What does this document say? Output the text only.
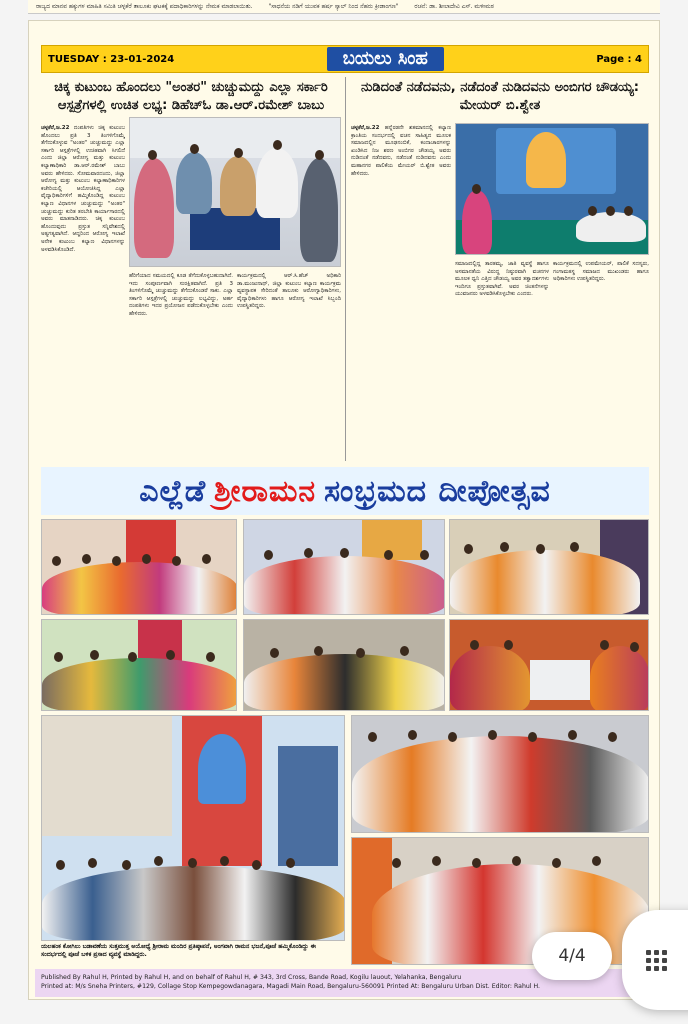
ರಾಜ್ಯದ ಮಾನವ ಹಕ್ಕುಗಳ ಮಾಹಿತಿ ಸಮಿತಿ ಚಳ್ಳಕೆರೆ ತಾಲೂಕು ಘಟಕಕ್ಕೆ ಪದಾಧಿಕಾರಿಗಳನ್ನು ನೇಮಕ ಮಾಡಲಾಯಿತು.	"ಸಾಧನೆಯ ನಡಿಗೆ ಯುವಕ ಹರ್ಷ ಸ್ಕಾಲ್ ನಿಂದ ನೆಹರು ಕ್ರೀಡಾಂಗಣ"	ರಚನೆ: ಡಾ. ಶೀಲಾದೇವಿ ಎಸ್. ಮಳೀಮಠ
TUESDAY : 23-01-2024	ಬಯಲು ಸಿಂಹ	Page : 4
ಚಿಕ್ಕ ಕುಟುಂಬ ಹೊಂದಲು "ಅಂತರ" ಚುಚ್ಚುಮದ್ದು ಎಲ್ಲಾ ಸರ್ಕಾರಿ ಆಸ್ಪತ್ರೆಗಳಲ್ಲಿ ಉಚಿತ ಲಭ್ಯ: ಡಿಹೆಚ್ಓ ಡಾ.ಆರ್.ರಮೇಶ್ ಬಾಬು
ಚಳ್ಳಕೆರೆ,ಜ.22 ದಂಪತಿಗಳು ಚಿಕ್ಕ ಕುಟುಂಬ ಹೊಂದಲು ಪ್ರತಿ 3 ತಿಂಗಳಿಗೊಮ್ಮೆ ತೆಗೆದುಕೊಳ್ಳುವ "ಅಂತರ" ಚುಚ್ಚುಮದ್ದು ಎಲ್ಲಾ ಸರ್ಕಾರಿ ಆಸ್ಪತ್ರೆಗಳಲ್ಲಿ ಉಚಿತವಾಗಿ ಸಿಗಲಿದೆ ಎಂದು ಜಿಲ್ಲಾ ಆರೋಗ್ಯ ಮತ್ತು ಕುಟುಂಬ ಕಲ್ಯಾಣಾಧಿಕಾರಿ ಡಾ.ಆರ್.ರಮೇಶ್ ಬಾಬು ಅವರು ಹೇಳಿದರು. ಸೋಮವಾರದಂದು, ಜಿಲ್ಲಾ ಆರೋಗ್ಯ ಮತ್ತು ಕುಟುಂಬ ಕಲ್ಯಾಣಾಧಿಕಾರಿಗಳ ಕಚೇರಿಯಲ್ಲಿ ಆಯೋಜಿಸಿದ್ದ ಎಲ್ಲಾ ವೈದ್ಯಾಧಿಕಾರಿಗಳಿಗೆ ಹಮ್ಮಿಕೊಂಡಿದ್ದ ಕುಟುಂಬ ಕಲ್ಯಾಣ ವಿಧಾನಗಳ ಚುಚ್ಚುಮದ್ದು "ಅಂತರ" ಚುಚ್ಚುಮದ್ದು ಕುರಿತ ತರಬೇತಿ ಕಾರ್ಯಾಗಾರದಲ್ಲಿ ಅವರು ಮಾತನಾಡಿದರು. ಚಿಕ್ಕ ಕುಟುಂಬ ಹೊಂದುವುದು ಪ್ರಸ್ತುತ ಸನ್ನಿವೇಶದಲ್ಲಿ ಅತ್ಯಗತ್ಯವಾಗಿದೆ. ಆದ್ದರಿಂದ ಆರೋಗ್ಯ ಇಲಾಖೆ ಅನೇಕ ಕುಟುಂಬ ಕಲ್ಯಾಣ ವಿಧಾನಗಳನ್ನು ಅಳವಡಿಸಿಕೊಂಡಿದೆ.
ಹೆರಿಗೆಯಾದ ಸಮಯದಲ್ಲಿ ಕೂಡ ತೆಗೆದುಕೊಳ್ಳಬಹುದಾಗಿದೆ. ಇದು ಸಂಪೂರ್ಣವಾಗಿ ಸುರಕ್ಷಿತವಾಗಿದೆ. ಪ್ರತಿ 3 ತಿಂಗಳಿಗೊಮ್ಮೆ ಚುಚ್ಚುಮದ್ದು ತೆಗೆದುಕೊಂಡರೆ ಸಾಕು. ಎಲ್ಲಾ ಸರ್ಕಾರಿ ಆಸ್ಪತ್ರೆಗಳಲ್ಲಿ ಚುಚ್ಚುಮದ್ದು ಲಭ್ಯವಿದ್ದು, ಅರ್ಹ ದಂಪತಿಗಳು ಇದರ ಪ್ರಯೋಜನ ಪಡೆದುಕೊಳ್ಳಬೇಕು ಎಂದು ಹೇಳಿದರು.
ಕಾರ್ಯಕ್ರಮದಲ್ಲಿ ಆರ್.ಸಿ.ಹೆಚ್ ಅಧಿಕಾರಿ ಡಾ.ಮಂಜುನಾಥ್, ಜಿಲ್ಲಾ ಕುಟುಂಬ ಕಲ್ಯಾಣ ಕಾರ್ಯಕ್ರಮ ವ್ಯವಸ್ಥಾಪಕ ಸೇರಿದಂತೆ ತಾಲೂಕು ಆರೋಗ್ಯಾಧಿಕಾರಿಗಳು, ವೈದ್ಯಾಧಿಕಾರಿಗಳು ಹಾಗೂ ಆರೋಗ್ಯ ಇಲಾಖೆ ಸಿಬ್ಬಂದಿ ಉಪಸ್ಥಿತರಿದ್ದರು.
ನುಡಿದಂತೆ ನಡೆದವನು, ನಡೆದಂತೆ ನುಡಿದವನು ಅಂಬಿಗರ ಚೌಡಯ್ಯ: ಮೇಯರ್ ಬಿ.ಶ್ವೇತ
ಚಳ್ಳಕೆರೆ,ಜ.22 ಹನ್ನೆರಡನೇ ಶತಮಾನದಲ್ಲಿ ಕಲ್ಯಾಣ ಕ್ರಾಂತಿಯ ಸಂದರ್ಭದಲ್ಲಿ ವಚನ ಸಾಹಿತ್ಯದ ಮೂಲಕ ಸಮಾಜದಲ್ಲಿನ ಮೂಢನಂಬಿಕೆ, ಕಂದಾಚಾರಗಳನ್ನು ಖಂಡಿಸಿದ ನಿಜ ಶರಣ ಅಂಬಿಗರ ಚೌಡಯ್ಯ ಅವರು ನುಡಿದಂತೆ ನಡೆದವನು, ನಡೆದಂತೆ ನುಡಿದವನು ಎಂದು ಮಹಾನಗರ ಪಾಲಿಕೆಯ ಮೇಯರ್ ಬಿ.ಶ್ವೇತ ಅವರು ಹೇಳಿದರು.
ಸಮಾಜದಲ್ಲಿದ್ದ ತಾರತಮ್ಯ, ಜಾತಿ ವ್ಯವಸ್ಥೆ ಹಾಗೂ ಅಸಮಾನತೆಯ ವಿರುದ್ಧ ನಿಷ್ಠುರವಾಗಿ ವಚನಗಳ ಮೂಲಕ ಧ್ವನಿ ಎತ್ತಿದ ಚೌಡಯ್ಯ ಅವರ ತತ್ವಾದರ್ಶಗಳು ಇಂದಿಗೂ ಪ್ರಸ್ತುತವಾಗಿವೆ. ಅವರ ಚಿಂತನೆಗಳನ್ನು ಯುವಜನರು ಅಳವಡಿಸಿಕೊಳ್ಳಬೇಕು ಎಂದರು.
ಕಾರ್ಯಕ್ರಮದಲ್ಲಿ ಉಪಮೇಯರ್, ಪಾಲಿಕೆ ಸದಸ್ಯರು, ಗಂಗಾಮತಸ್ಥ ಸಮಾಜದ ಮುಖಂಡರು ಹಾಗೂ ಅಧಿಕಾರಿಗಳು ಉಪಸ್ಥಿತರಿದ್ದರು.
ಎಲ್ಲೆಡೆ ಶ್ರೀರಾಮನ ಸಂಭ್ರಮದ ದೀಪೋತ್ಸವ
ಯಲಹಂಕ ಕೋಗಿಲು ಬಡಾವಣೆಯ ಸುತ್ತಮುತ್ತ ಅಯೋಧ್ಯೆ ಶ್ರೀರಾಮ ಮಂದಿರ ಪ್ರತಿಷ್ಠಾಪನೆ, ಅಂಗವಾಗಿ ರಾಮನ ಭಜನೆ,ಪೂಜೆ ಹಮ್ಮಿಕೊಂಡಿದ್ದು ಈ ಸಂದರ್ಭದಲ್ಲಿ ಪೂಜೆ ಬಳಿಕ ಪ್ರಸಾದ ವ್ಯವಸ್ಥೆ ಮಾಡಿದ್ದರು.
Published By Rahul H, Printed by Rahul H, and on behalf of Rahul H, # 343, 3rd Cross, Bande Road, Kogilu lauout, Yelahanka, Bengaluru
Printed at: M/s Sneha Printers, #129, Collage Stop Kempegowdanagara, Magadi Main Road, Bengaluru-560091 Printed At: Bengaluru Urban Dist. Editor: Rahul H.
4/4
